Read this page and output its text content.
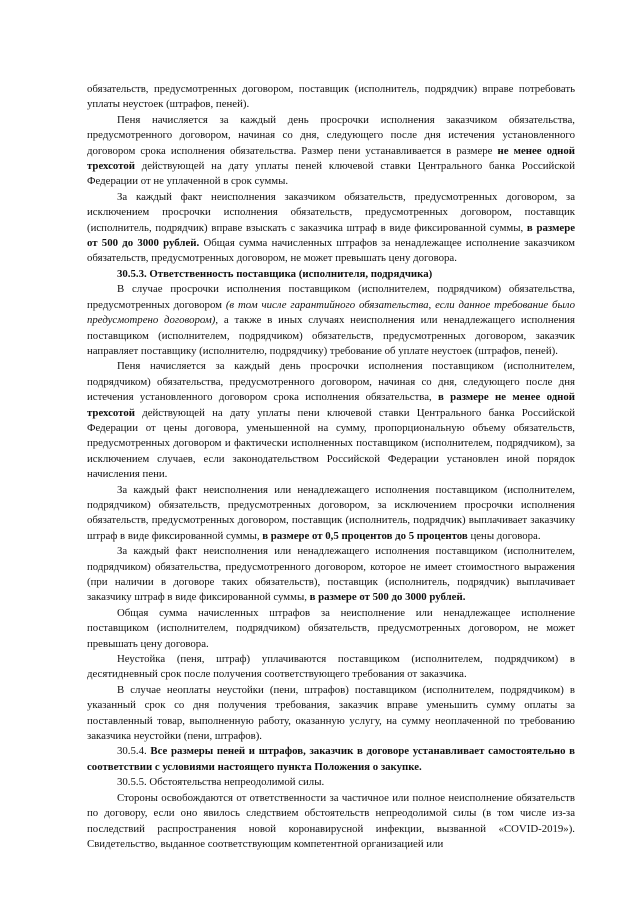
обязательств, предусмотренных договором, поставщик (исполнитель, подрядчик) вправе потребовать уплаты неустоек (штрафов, пеней).

Пеня начисляется за каждый день просрочки исполнения заказчиком обязательства, предусмотренного договором, начиная со дня, следующего после дня истечения установленного договором срока исполнения обязательства. Размер пени устанавливается в размере не менее одной трехсотой действующей на дату уплаты пеней ключевой ставки Центрального банка Российской Федерации от не уплаченной в срок суммы.

За каждый факт неисполнения заказчиком обязательств, предусмотренных договором, за исключением просрочки исполнения обязательств, предусмотренных договором, поставщик (исполнитель, подрядчик) вправе взыскать с заказчика штраф в виде фиксированной суммы, в размере от 500 до 3000 рублей. Общая сумма начисленных штрафов за ненадлежащее исполнение заказчиком обязательств, предусмотренных договором, не может превышать цену договора.

30.5.3. Ответственность поставщика (исполнителя, подрядчика)

В случае просрочки исполнения поставщиком (исполнителем, подрядчиком) обязательства, предусмотренных договором (в том числе гарантийного обязательства, если данное требование было предусмотрено договором), а также в иных случаях неисполнения или ненадлежащего исполнения поставщиком (исполнителем, подрядчиком) обязательств, предусмотренных договором, заказчик направляет поставщику (исполнителю, подрядчику) требование об уплате неустоек (штрафов, пеней).

Пеня начисляется за каждый день просрочки исполнения поставщиком (исполнителем, подрядчиком) обязательства, предусмотренного договором, начиная со дня, следующего после дня истечения установленного договором срока исполнения обязательства, в размере не менее одной трехсотой действующей на дату уплаты пени ключевой ставки Центрального банка Российской Федерации от цены договора, уменьшенной на сумму, пропорциональную объему обязательств, предусмотренных договором и фактически исполненных поставщиком (исполнителем, подрядчиком), за исключением случаев, если законодательством Российской Федерации установлен иной порядок начисления пени.

За каждый факт неисполнения или ненадлежащего исполнения поставщиком (исполнителем, подрядчиком) обязательств, предусмотренных договором, за исключением просрочки исполнения обязательств, предусмотренных договором, поставщик (исполнитель, подрядчик) выплачивает заказчику штраф в виде фиксированной суммы, в размере от 0,5 процентов до 5 процентов цены договора.

За каждый факт неисполнения или ненадлежащего исполнения поставщиком (исполнителем, подрядчиком) обязательства, предусмотренного договором, которое не имеет стоимостного выражения (при наличии в договоре таких обязательств), поставщик (исполнитель, подрядчик) выплачивает заказчику штраф в виде фиксированной суммы, в размере от 500 до 3000 рублей.

Общая сумма начисленных штрафов за неисполнение или ненадлежащее исполнение поставщиком (исполнителем, подрядчиком) обязательств, предусмотренных договором, не может превышать цену договора.

Неустойка (пеня, штраф) уплачиваются поставщиком (исполнителем, подрядчиком) в десятидневный срок после получения соответствующего требования от заказчика.

В случае неоплаты неустойки (пени, штрафов) поставщиком (исполнителем, подрядчиком) в указанный срок со дня получения требования, заказчик вправе уменьшить сумму оплаты за поставленный товар, выполненную работу, оказанную услугу, на сумму неоплаченной по требованию заказчика неустойки (пени, штрафов).

30.5.4. Все размеры пеней и штрафов, заказчик в договоре устанавливает самостоятельно в соответствии с условиями настоящего пункта Положения о закупке.

30.5.5. Обстоятельства непреодолимой силы.

Стороны освобождаются от ответственности за частичное или полное неисполнение обязательств по договору, если оно явилось следствием обстоятельств непреодолимой силы (в том числе из-за последствий распространения новой коронавирусной инфекции, вызванной «COVID-2019»). Свидетельство, выданное соответствующим компетентной организацией или
